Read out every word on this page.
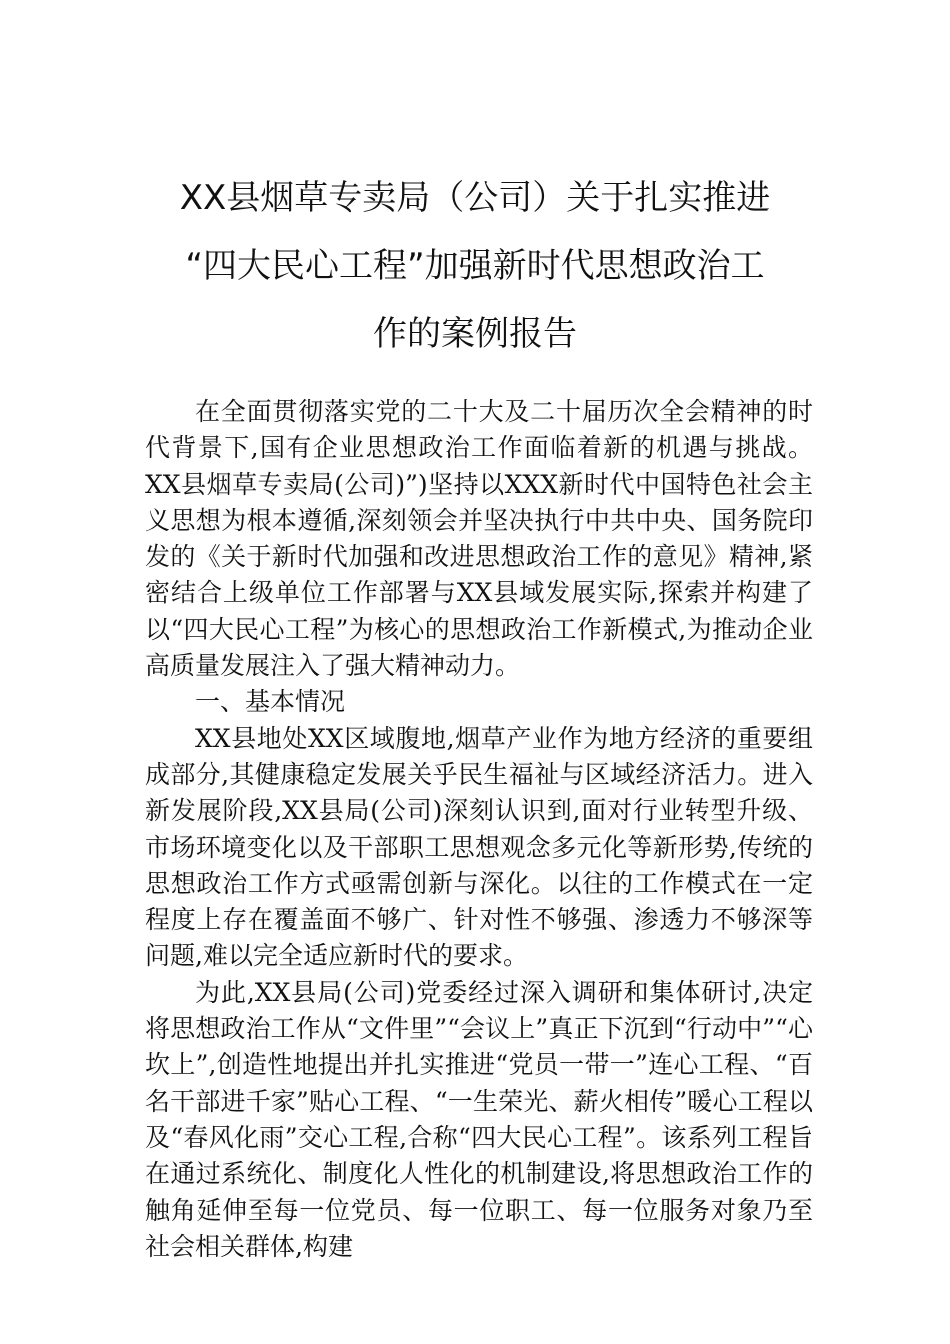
XX县烟草专卖局（公司）关于扎实推进
“四大民心工程”加强新时代思想政治工
作的案例报告

在全面贯彻落实党的二十大及二十届历次全会精神的时代背景下,国有企业思想政治工作面临着新的机遇与挑战。XX县烟草专卖局(公司)”)坚持以XXX新时代中国特色社会主义思想为根本遵循,深刻领会并坚决执行中共中央、国务院印发的《关于新时代加强和改进思想政治工作的意见》精神,紧密结合上级单位工作部署与XX县域发展实际,探索并构建了以“四大民心工程”为核心的思想政治工作新模式,为推动企业高质量发展注入了强大精神动力。

一、基本情况

XX县地处XX区域腹地,烟草产业作为地方经济的重要组成部分,其健康稳定发展关乎民生福祉与区域经济活力。进入新发展阶段,XX县局(公司)深刻认识到,面对行业转型升级、市场环境变化以及干部职工思想观念多元化等新形势,传统的思想政治工作方式亟需创新与深化。以往的工作模式在一定程度上存在覆盖面不够广、针对性不够强、渗透力不够深等问题,难以完全适应新时代的要求。

为此,XX县局(公司)党委经过深入调研和集体研讨,决定将思想政治工作从“文件里”“会议上”真正下沉到“行动中”“心坎上”,创造性地提出并扎实推进“党员一带一”连心工程、“百名干部进千家”贴心工程、“一生荣光、薪火相传”暖心工程以及“春风化雨”交心工程,合称“四大民心工程”。该系列工程旨在通过系统化、制度化人性化的机制建设,将思想政治工作的触角延伸至每一位党员、每一位职工、每一位服务对象乃至社会相关群体,构建
